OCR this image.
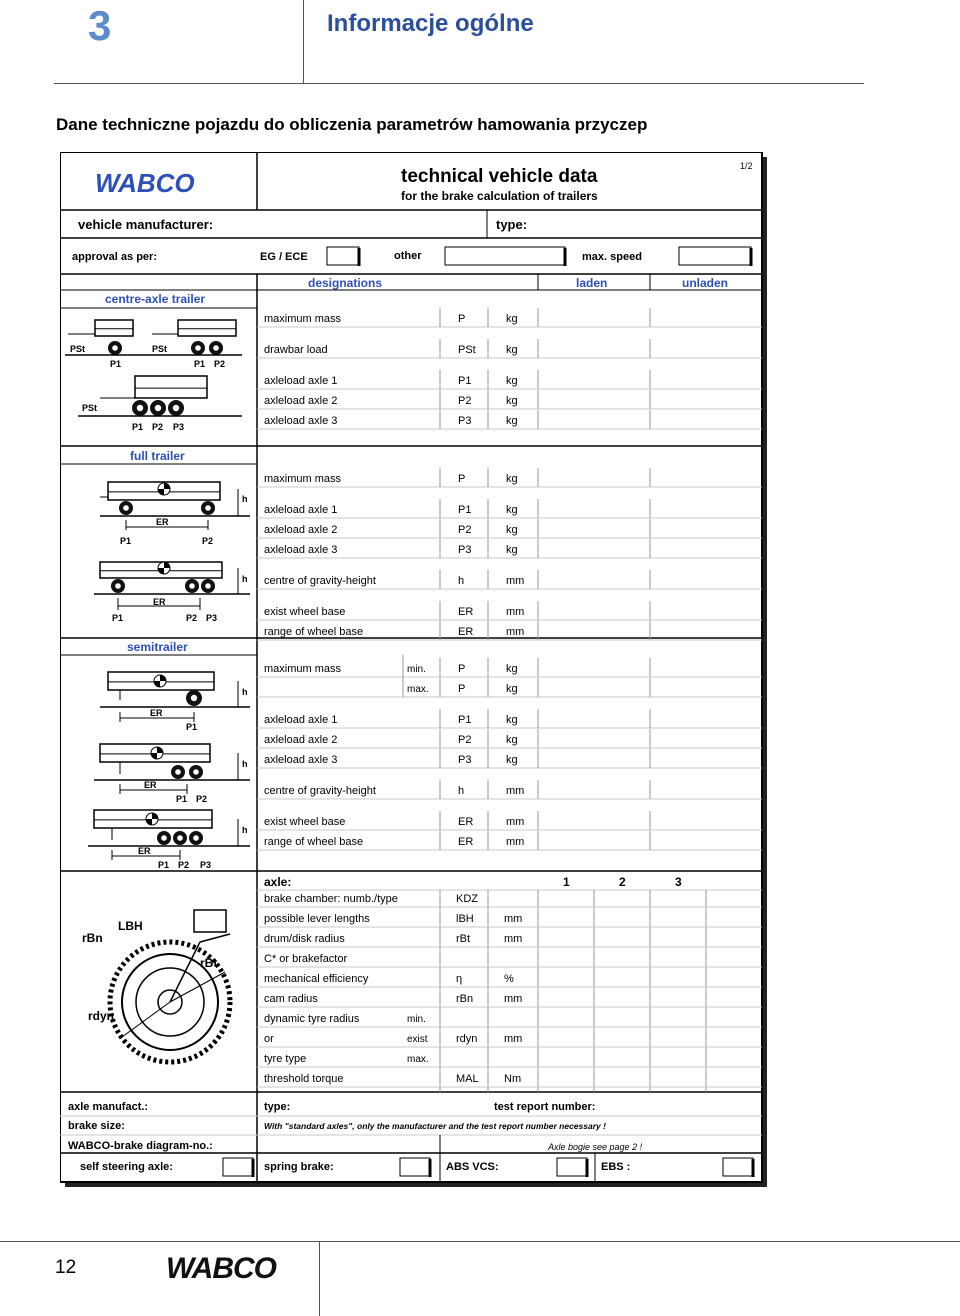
3	Informacje ogólne
Dane techniczne pojazdu do obliczenia parametrów hamowania przyczep
WABCO	technical vehicle data
for the brake calculation of trailers
1/2
vehicle manufacturer:	type:
approval as per:	EG / ECE	other	max. speed
designations	laden	unladen
centre-axle trailer
full trailer
semitrailer
maximum mass	P	kg
drawbar load	PSt	kg
axleload axle 1	P1	kg
axleload axle 2	P2	kg
axleload axle 3	P3	kg
maximum mass	P	kg
axleload axle 1	P1	kg
axleload axle 2	P2	kg
axleload axle 3	P3	kg
centre of gravity-height	h	mm
exist wheel base	ER	mm
range of wheel base	ER	mm
maximum mass	min.	P	kg
max.	P	kg
axleload axle 1	P1	kg
axleload axle 2	P2	kg
axleload axle 3	P3	kg
centre of gravity-height	h	mm
exist wheel base	ER	mm
range of wheel base	ER	mm
axle:	1	2	3
brake chamber: numb./type	KDZ
possible lever lengths	lBH	mm
drum/disk radius	rBt	mm
C* or brakefactor
mechanical efficiency	η	%
cam radius	rBn	mm
dynamic tyre radius	min.
or	exist	rdyn mm
tyre type	max.
threshold torque	MAL Nm
PSt
P1
PSt
P1 P2
PSt
P1 P2 P3
ER
P1	P2
h
ER
P1	P2 P3
h
ER
P1
h
ER
P1 P2
h
ER
P1 P2 P3
h
rBn
LBH
rBt
rdyn
axle manufact.:	type:	test report number:
brake size:	With "standard axles", only the manufacturer and the test report number necessary !
WABCO-brake diagram-no.:	Axle bogie see page 2 !
self steering axle:	spring brake:	ABS VCS:	EBS :
12	WABCO
